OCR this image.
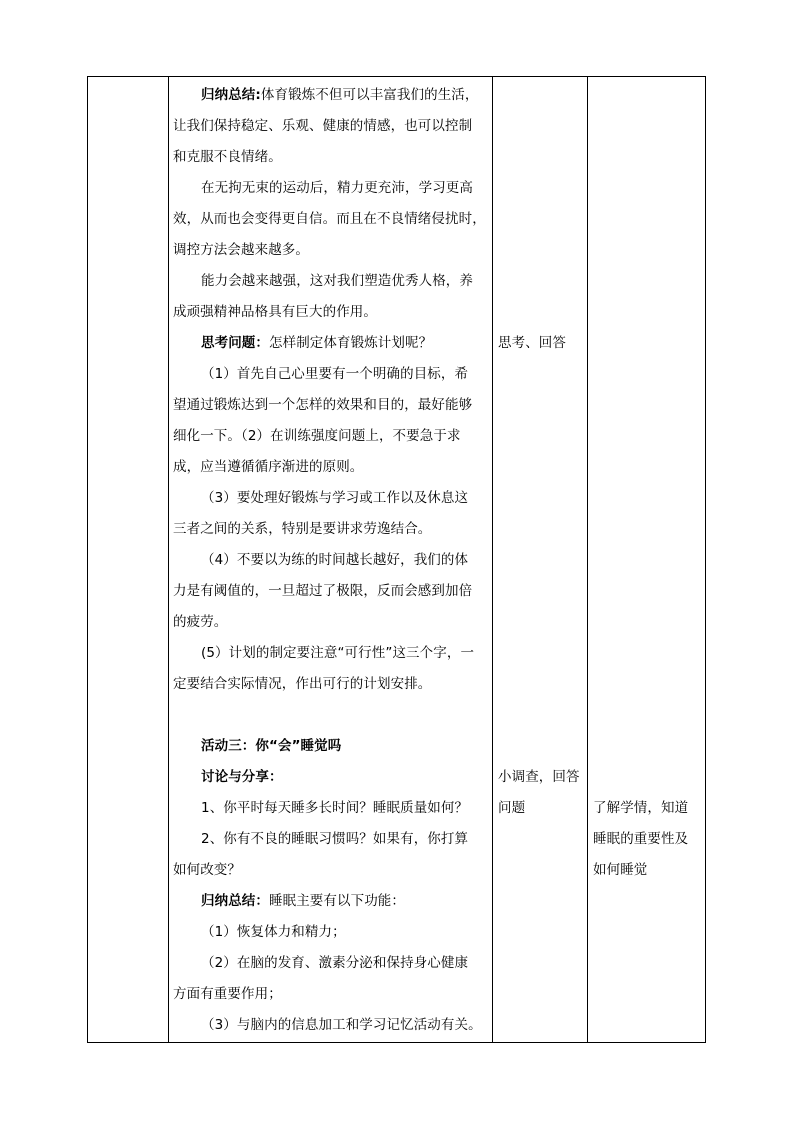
归纳总结:体育锻炼不但可以丰富我们的生活，
让我们保持稳定、乐观、健康的情感，也可以控制
和克服不良情绪。
在无拘无束的运动后，精力更充沛，学习更高
效，从而也会变得更自信。而且在不良情绪侵扰时，
调控方法会越来越多。
能力会越来越强，这对我们塑造优秀人格，养
成顽强精神品格具有巨大的作用。
思考问题：怎样制定体育锻炼计划呢？
（1）首先自己心里要有一个明确的目标，希
望通过锻炼达到一个怎样的效果和目的，最好能够
细化一下。（2）在训练强度问题上，不要急于求
成，应当遵循循序渐进的原则。
（3）要处理好锻炼与学习或工作以及休息这
三者之间的关系，特别是要讲求劳逸结合。
（4）不要以为练的时间越长越好，我们的体
力是有阈值的，一旦超过了极限，反而会感到加倍
的疲劳。
(5）计划的制定要注意“可行性”这三个字，一
定要结合实际情况，作出可行的计划安排。
活动三：你“会”睡觉吗
讨论与分享：
1、你平时每天睡多长时间？睡眠质量如何？
2、你有不良的睡眠习惯吗？如果有，你打算
如何改变？
归纳总结：睡眠主要有以下功能：
（1）恢复体力和精力；
（2）在脑的发育、激素分泌和保持身心健康
方面有重要作用；
（3）与脑内的信息加工和学习记忆活动有关。
思考、回答
小调查，回答
问题	了解学情，知道
睡眠的重要性及
如何睡觉
